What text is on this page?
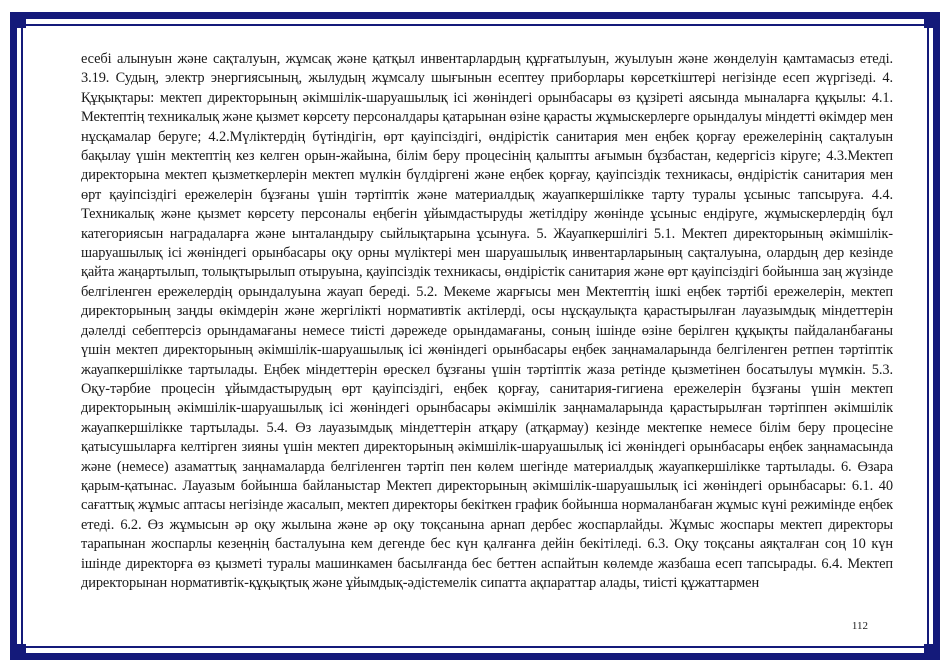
есебі алынуын және сақталуын, жұмсақ және қатқыл инвентарлардың құрғатылуын, жуылуын және жөнделуін қамтамасыз етеді. 3.19. Судың, электр энергиясының, жылудың жұмсалу шығынын есептеу приборлары көрсеткіштері негізінде есеп жүргізеді. 4. Құқықтары: мектеп директорының әкімшілік-шаруашылық ісі жөніндегі орынбасары өз құзіреті аясында мыналарға құқылы: 4.1. Мектептің техникалық және қызмет көрсету персоналдары қатарынан өзіне қарасты жұмыскерлерге орындалуы міндетті өкімдер мен нұсқамалар беруге; 4.2.Мүліктердің бүтіндігін, өрт қауіпсіздігі, өндірістік санитария мен еңбек қорғау ережелерінің сақталуын бақылау үшін мектептің кез келген орын-жайына, білім беру процесінің қалыпты ағымын бұзбастан, кедергісіз кіруге; 4.3.Мектеп директорына мектеп қызметкерлерін мектеп мүлкін бүлдіргені және еңбек қорғау, қауіпсіздік техникасы, өндірістік санитария мен өрт қауіпсіздігі ережелерін бұзғаны үшін тәртіптік және материалдық жауапкершілікке тарту туралы ұсыныс тапсыруға. 4.4. Техникалық және қызмет көрсету персоналы еңбегін ұйымдастыруды жетілдіру жөнінде ұсыныс ендіруге, жұмыскерлердің бұл категориясын наградаларға және ынталандыру сыйлықтарына ұсынуға. 5. Жауапкершілігі 5.1. Мектеп директорының әкімшілік-шаруашылық ісі жөніндегі орынбасары оқу орны мүліктері мен шаруашылық инвентарларының сақталуына, олардың дер кезінде қайта жаңартылып, толықтырылып отыруына, қауіпсіздік техникасы, өндірістік санитария және өрт қауіпсіздігі бойынша заң жүзінде белгіленген ережелердің орындалуына жауап береді. 5.2. Мекеме жарғысы мен Мектептің ішкі еңбек тәртібі ережелерін, мектеп директорының заңды өкімдерін және жергілікті нормативтік актілерді, осы нұсқаулықта қарастырылған лауазымдық міндеттерін дәлелді себептерсіз орындамағаны немесе тиісті дәрежеде орындамағаны, соның ішінде өзіне берілген құқықты пайдаланбағаны үшін мектеп директорының әкімшілік-шаруашылық ісі жөніндегі орынбасары еңбек заңнамаларында белгіленген ретпен тәртіптік жауапкершілікке тартылады. Еңбек міндеттерін өрескел бұзғаны үшін тәртіптік жаза ретінде қызметінен босатылуы мүмкін. 5.3. Оқу-тәрбие процесін ұйымдастырудың өрт қауіпсіздігі, еңбек қорғау, санитария-гигиена ережелерін бұзғаны үшін мектеп директорының әкімшілік-шаруашылық ісі жөніндегі орынбасары әкімшілік заңнамаларында қарастырылған тәртіппен әкімшілік жауапкершілікке тартылады. 5.4. Өз лауазымдық міндеттерін атқару (атқармау) кезінде мектепке немесе білім беру процесіне қатысушыларға келтірген зияны үшін мектеп директорының әкімшілік-шаруашылық ісі жөніндегі орынбасары еңбек заңнамасында және (немесе) азаматтық заңнамаларда белгіленген тәртіп пен көлем шегінде материалдық жауапкершілікке тартылады. 6. Өзара қарым-қатынас. Лауазым бойынша байланыстар Мектеп директорының әкімшілік-шаруашылық ісі жөніндегі орынбасары: 6.1. 40 сағаттық жұмыс аптасы негізінде жасалып, мектеп директоры бекіткен график бойынша нормаланбаған жұмыс күні режимінде еңбек етеді. 6.2. Өз жұмысын әр оқу жылына және әр оқу тоқсанына арнап дербес жоспарлайды. Жұмыс жоспары мектеп директоры тарапынан жоспарлы кезеңнің басталуына кем дегенде бес күн қалғанға дейін бекітіледі. 6.3. Оқу тоқсаны аяқталған соң 10 күн ішінде директорға өз қызметі туралы машинкамен басылғанда бес беттен аспайтын көлемде жазбаша есеп тапсырады. 6.4. Мектеп директорынан нормативтік-құқықтық және ұйымдық-әдістемелік сипатта ақпараттар алады, тиісті құжаттармен

112
